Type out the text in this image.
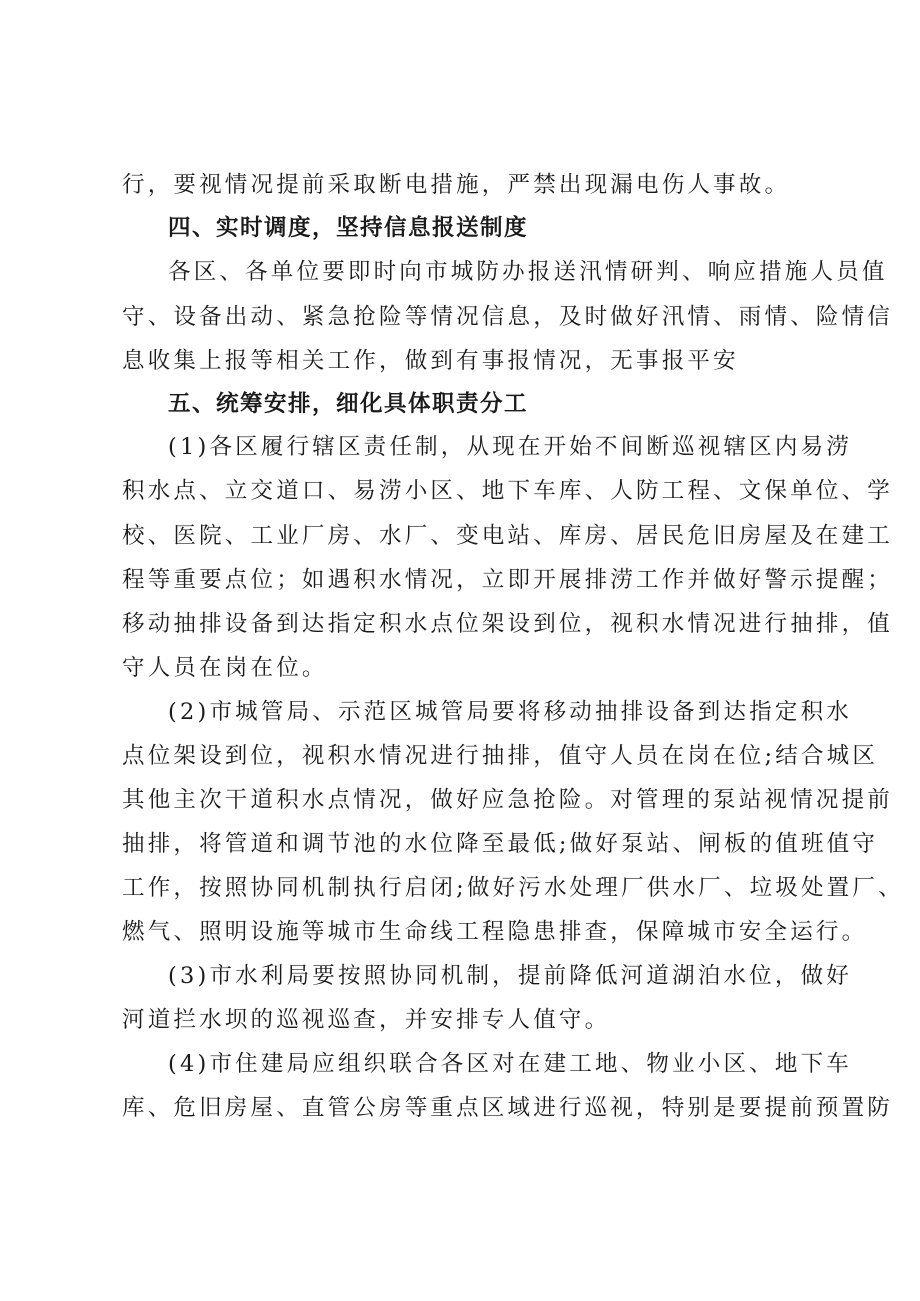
行，要视情况提前采取断电措施，严禁出现漏电伤人事故。
四、实时调度，坚持信息报送制度
各区、各单位要即时向市城防办报送汛情研判、响应措施人员值
守、设备出动、紧急抢险等情况信息，及时做好汛情、雨情、险情信
息收集上报等相关工作，做到有事报情况，无事报平安
五、统筹安排，细化具体职责分工
(1)各区履行辖区责任制，从现在开始不间断巡视辖区内易涝
积水点、立交道口、易涝小区、地下车库、人防工程、文保单位、学
校、医院、工业厂房、水厂、变电站、库房、居民危旧房屋及在建工
程等重要点位；如遇积水情况，立即开展排涝工作并做好警示提醒；
移动抽排设备到达指定积水点位架设到位，视积水情况进行抽排，值
守人员在岗在位。
(2)市城管局、示范区城管局要将移动抽排设备到达指定积水
点位架设到位，视积水情况进行抽排，值守人员在岗在位;结合城区
其他主次干道积水点情况，做好应急抢险。对管理的泵站视情况提前
抽排，将管道和调节池的水位降至最低;做好泵站、闸板的值班值守
工作，按照协同机制执行启闭;做好污水处理厂供水厂、垃圾处置厂、
燃气、照明设施等城市生命线工程隐患排查，保障城市安全运行。
(3)市水利局要按照协同机制，提前降低河道湖泊水位，做好
河道拦水坝的巡视巡查，并安排专人值守。
(4)市住建局应组织联合各区对在建工地、物业小区、地下车
库、危旧房屋、直管公房等重点区域进行巡视，特别是要提前预置防
